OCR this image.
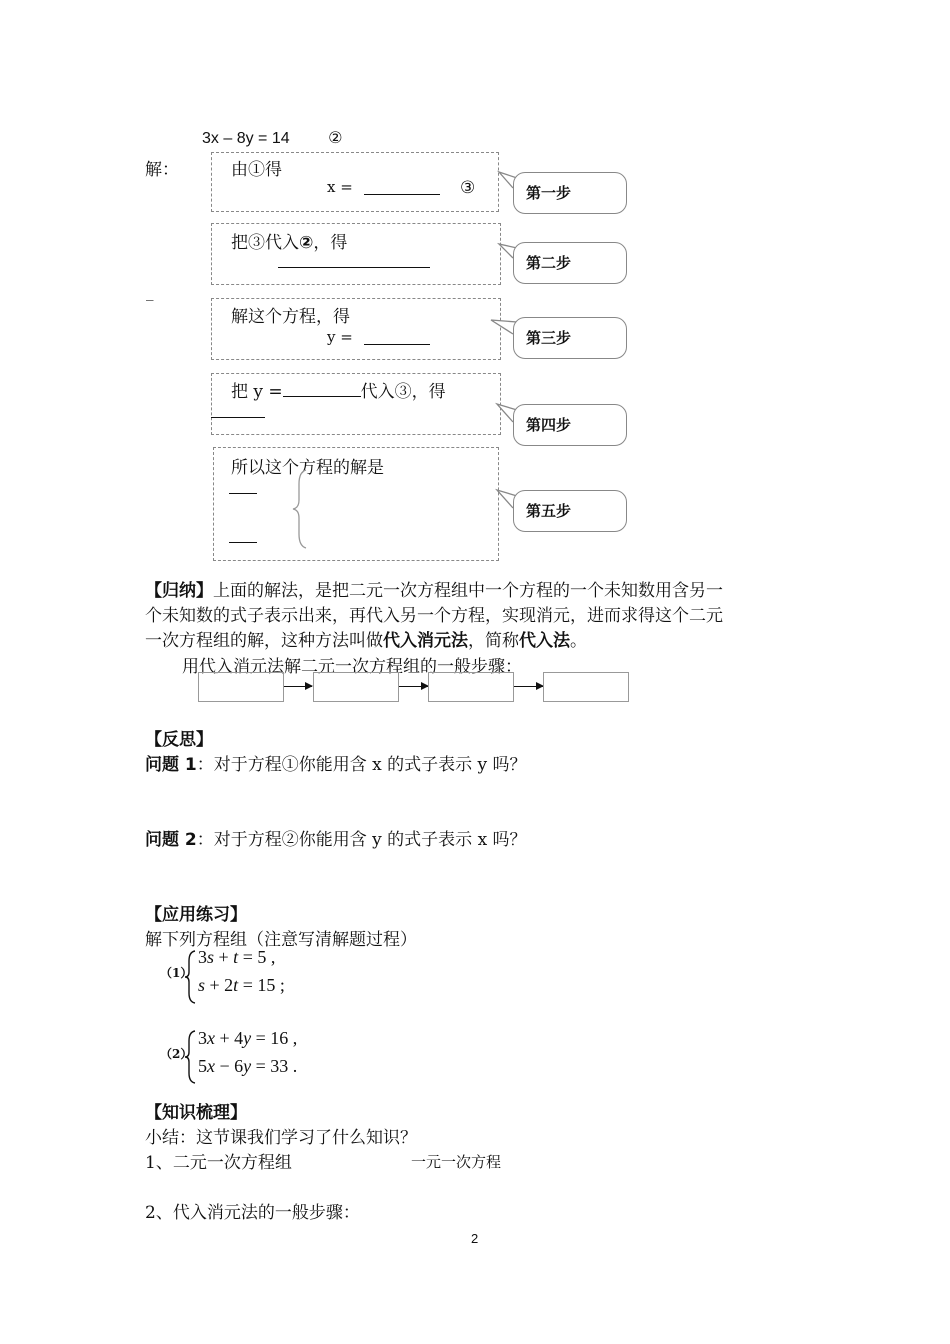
3x – 8y = 14 ②
解：	由①得
x =	③
把③代入②，得
_
解这个方程，得
y =
把 y =	代入③，得
所以这个方程的解是
第一步
第二步
第三步
第四步
第五步
【归纳】上面的解法，是把二元一次方程组中一个方程的一个未知数用含另一
个未知数的式子表示出来，再代入另一个方程，实现消元，进而求得这个二元
一次方程组的解，这种方法叫做代入消元法，简称代入法。
用代入消元法解二元一次方程组的一般步骤：
【反思】
问题 1：对于方程①你能用含 x 的式子表示 y 吗？
问题 2：对于方程②你能用含 y 的式子表示 x 吗？
【应用练习】
解下列方程组（注意写清解题过程）
（1）
3s + t = 5 ,
s + 2t = 15 ;
（2）
3x + 4y = 16 ,
5x − 6y = 33 .
【知识梳理】
小结：这节课我们学习了什么知识？
1、二元一次方程组	一元一次方程
2、代入消元法的一般步骤：
2
